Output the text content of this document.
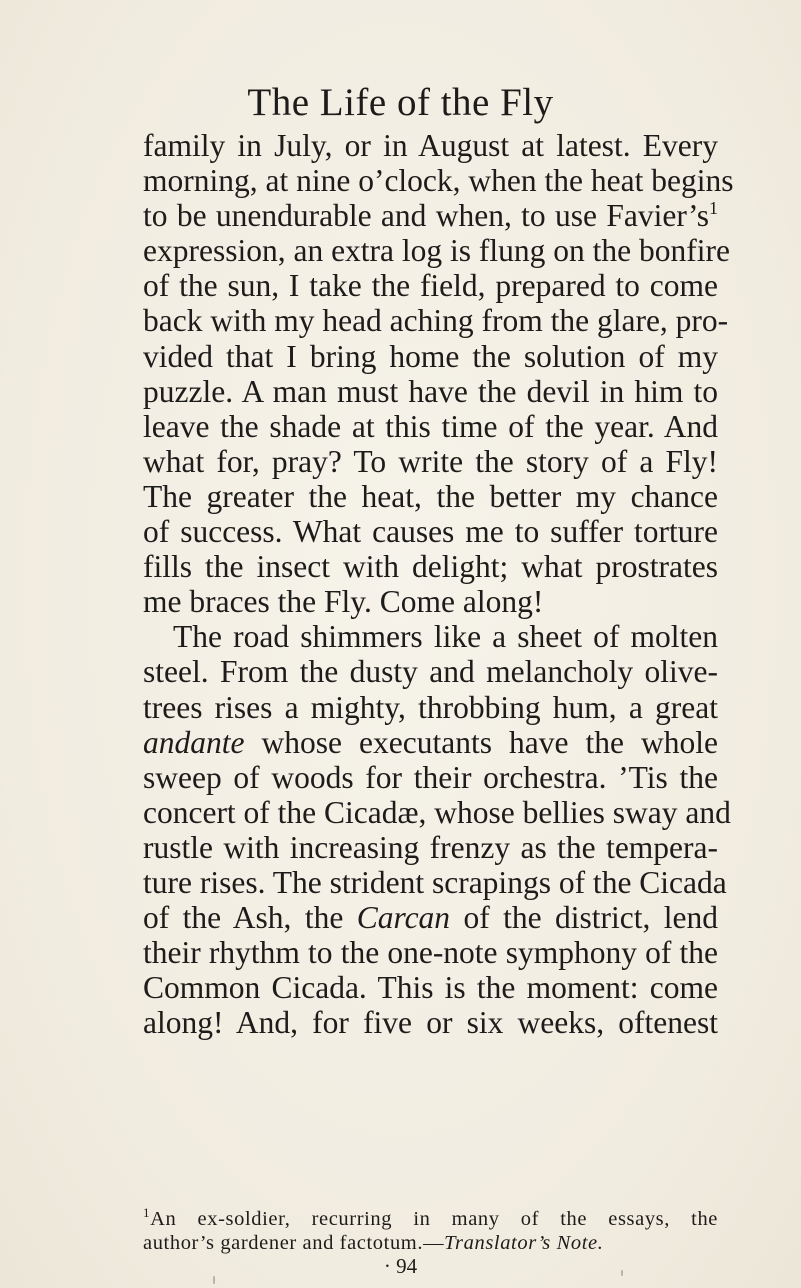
The Life of the Fly
family in July, or in August at latest. Every
morning, at nine o’clock, when the heat begins
to be unendurable and when, to use $Favier’s^1$
expression, an extra log is flung on the bonfire
of the sun, I take the field, prepared to come
back with my head aching from the glare, pro-
vided that I bring home the solution of my
puzzle. A man must have the devil in him to
leave the shade at this time of the year. And
what for, pray? To write the story of a Fly!
The greater the heat, the better my chance
of success. What causes me to suffer torture
fills the insect with delight; what prostrates
me braces the Fly. Come along!
The road shimmers like a sheet of molten
steel. From the dusty and melancholy olive-
trees rises a mighty, throbbing hum, a great
andante whose executants have the whole
sweep of woods for their orchestra. ’Tis the
concert of the Cicadæ, whose bellies sway and
rustle with increasing frenzy as the tempera-
ture rises. The strident scrapings of the Cicada
of the Ash, the Carcan of the district, lend
their rhythm to the one-note symphony of the
Common Cicada. This is the moment: come
along! And, for five or six weeks, oftenest
$^1$An ex-soldier, recurring in many of the essays, the
author’s gardener and factotum.—Translator’s Note.
· 94
